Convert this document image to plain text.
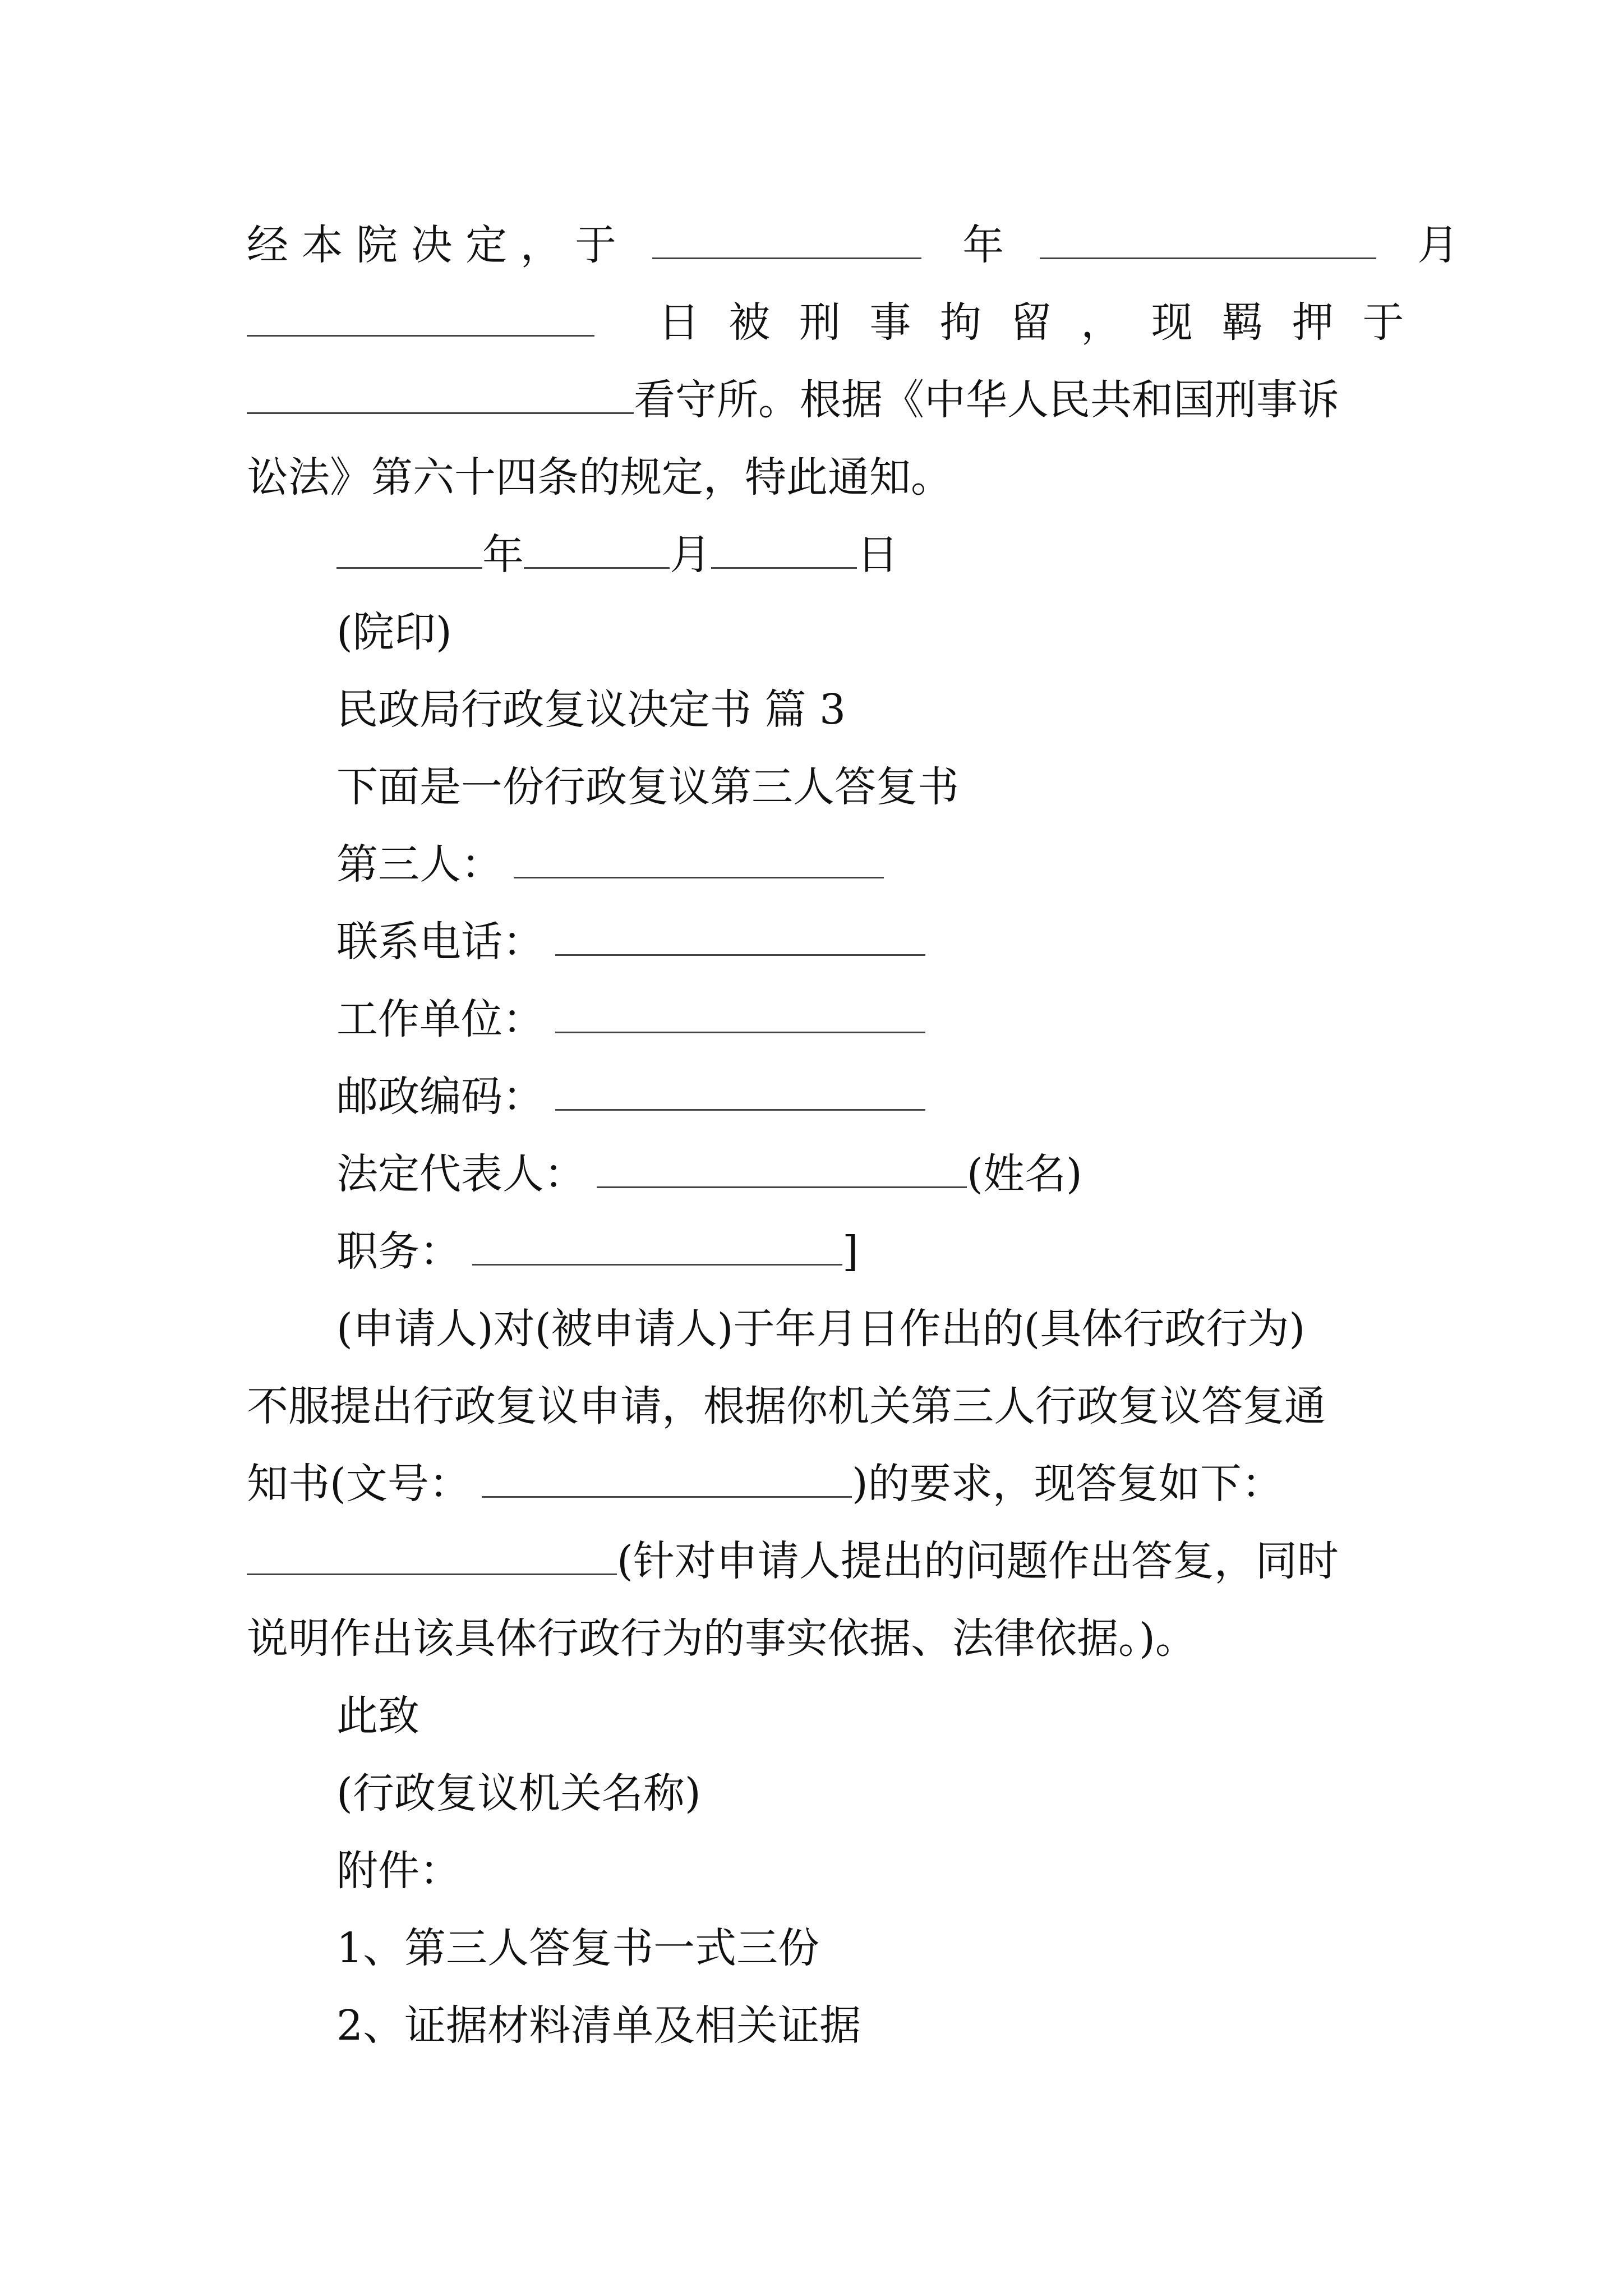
经 本 院 决 定 ， 于	年	月

日 被 刑 事 拘 留 ， 现 羁 押 于
看守所。根据《中华人民共和国刑事诉
讼法》第六十四条的规定，特此通知。
年	月	日
(院印)
民政局行政复议决定书 篇 3
下面是一份行政复议第三人答复书
第三人：
联系电话：
工作单位：
邮政编码：
法定代表人：	(姓名)
职务：	]
(申请人)对(被申请人)于年月日作出的(具体行政行为)
不服提出行政复议申请，根据你机关第三人行政复议答复通
知书(文号：	)的要求，现答复如下：
(针对申请人提出的问题作出答复，同时
说明作出该具体行政行为的事实依据、法律依据。)。
此致
(行政复议机关名称)
附件：
1、第三人答复书一式三份
2、证据材料清单及相关证据
